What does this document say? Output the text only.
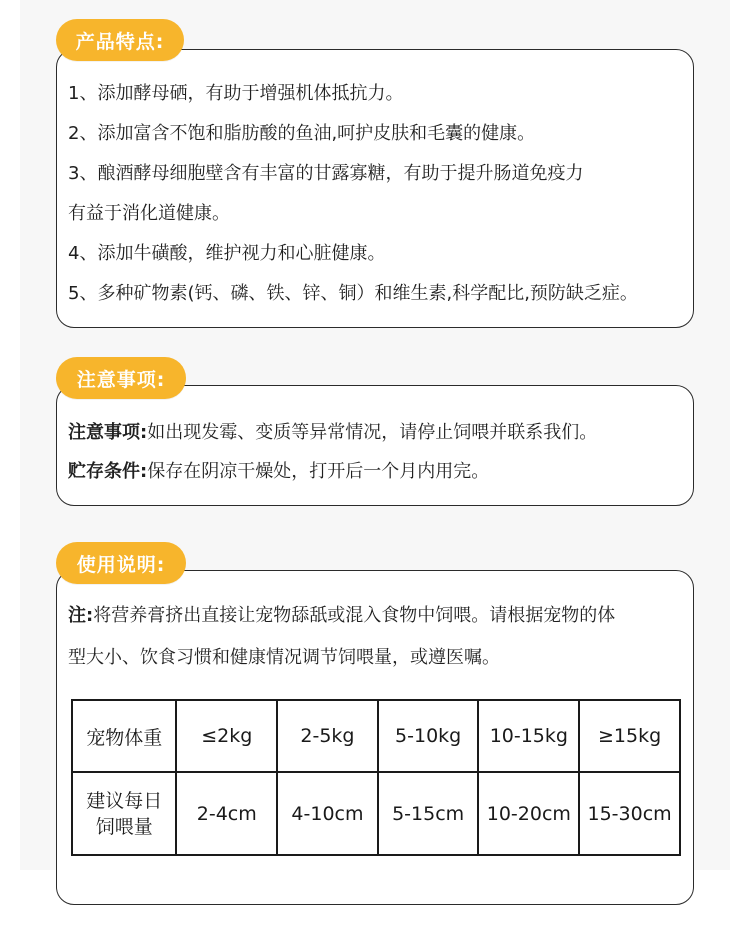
产品特点:
1、添加酵母硒，有助于增强机体抵抗力。
2、添加富含不饱和脂肪酸的鱼油,呵护皮肤和毛囊的健康。
3、酿酒酵母细胞壁含有丰富的甘露寡糖，有助于提升肠道免疫力
有益于消化道健康。
4、添加牛磺酸，维护视力和心脏健康。
5、多种矿物素(钙、磷、铁、锌、铜）和维生素,科学配比,预防缺乏症。
注意事项:
注意事项:如出现发霉、变质等异常情况，请停止饲喂并联系我们。
贮存条件:保存在阴凉干燥处，打开后一个月内用完。
使用说明:
注:将营养膏挤出直接让宠物舔舐或混入食物中饲喂。请根据宠物的体
型大小、饮食习惯和健康情况调节饲喂量，或遵医嘱。
宠物体重	≤2kg	2-5kg	5-10kg	10-15kg	≥15kg

建议每日
饲喂量	2-4cm	4-10cm	5-15cm	10-20cm	15-30cm
